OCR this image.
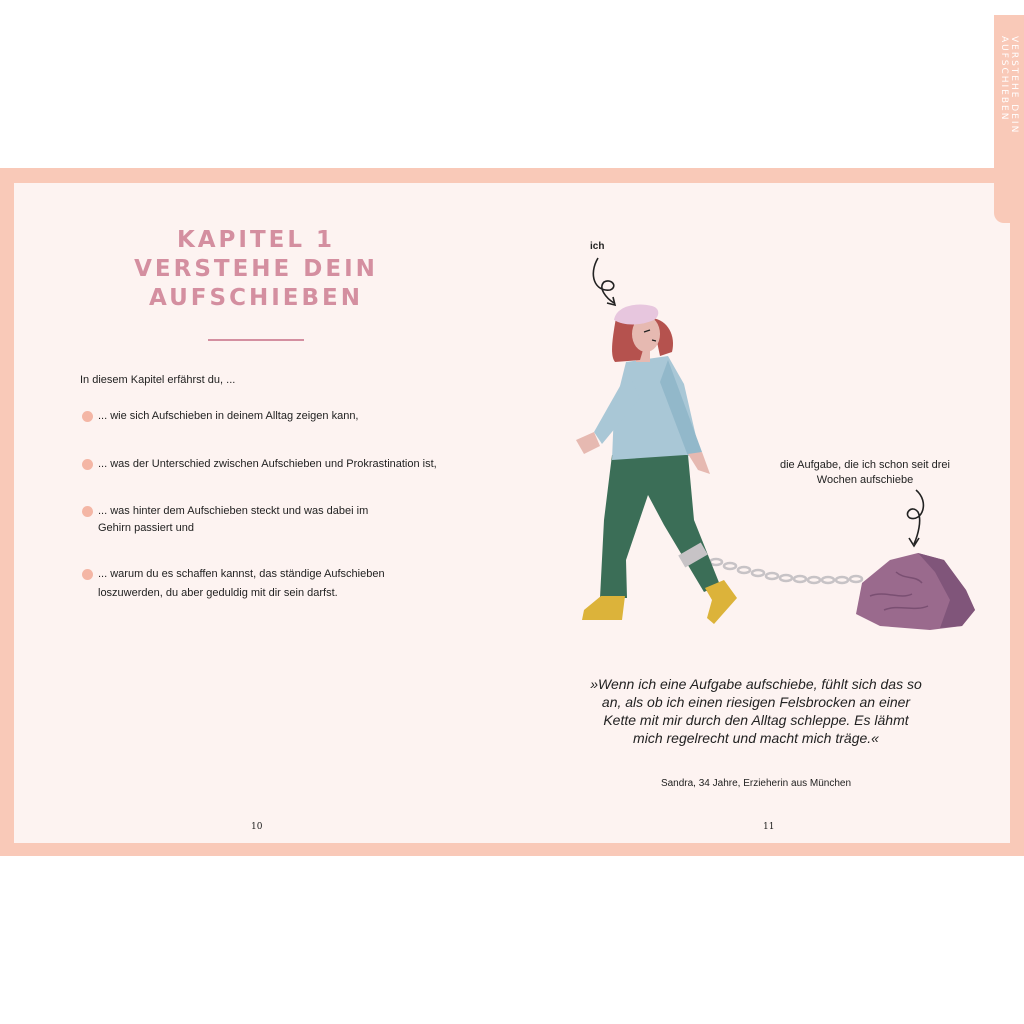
VERSTEHE DEIN AUFSCHIEBEN
KAPITEL 1
VERSTEHE DEIN
AUFSCHIEBEN
In diesem Kapitel erfährst du, ...
... wie sich Aufschieben in deinem Alltag zeigen kann,
... was der Unterschied zwischen Aufschieben und Prokrastination ist,
... was hinter dem Aufschieben steckt und was dabei im Gehirn passiert und
... warum du es schaffen kannst, das ständige Aufschieben loszuwerden, du aber geduldig mit dir sein darfst.
10
ich
die Aufgabe, die ich schon seit drei Wochen aufschiebe
»Wenn ich eine Aufgabe aufschiebe, fühlt sich das so an, als ob ich einen riesigen Felsbrocken an einer Kette mit mir durch den Alltag schleppe. Es lähmt mich regelrecht und macht mich träge.«
Sandra, 34 Jahre, Erzieherin aus München
11
